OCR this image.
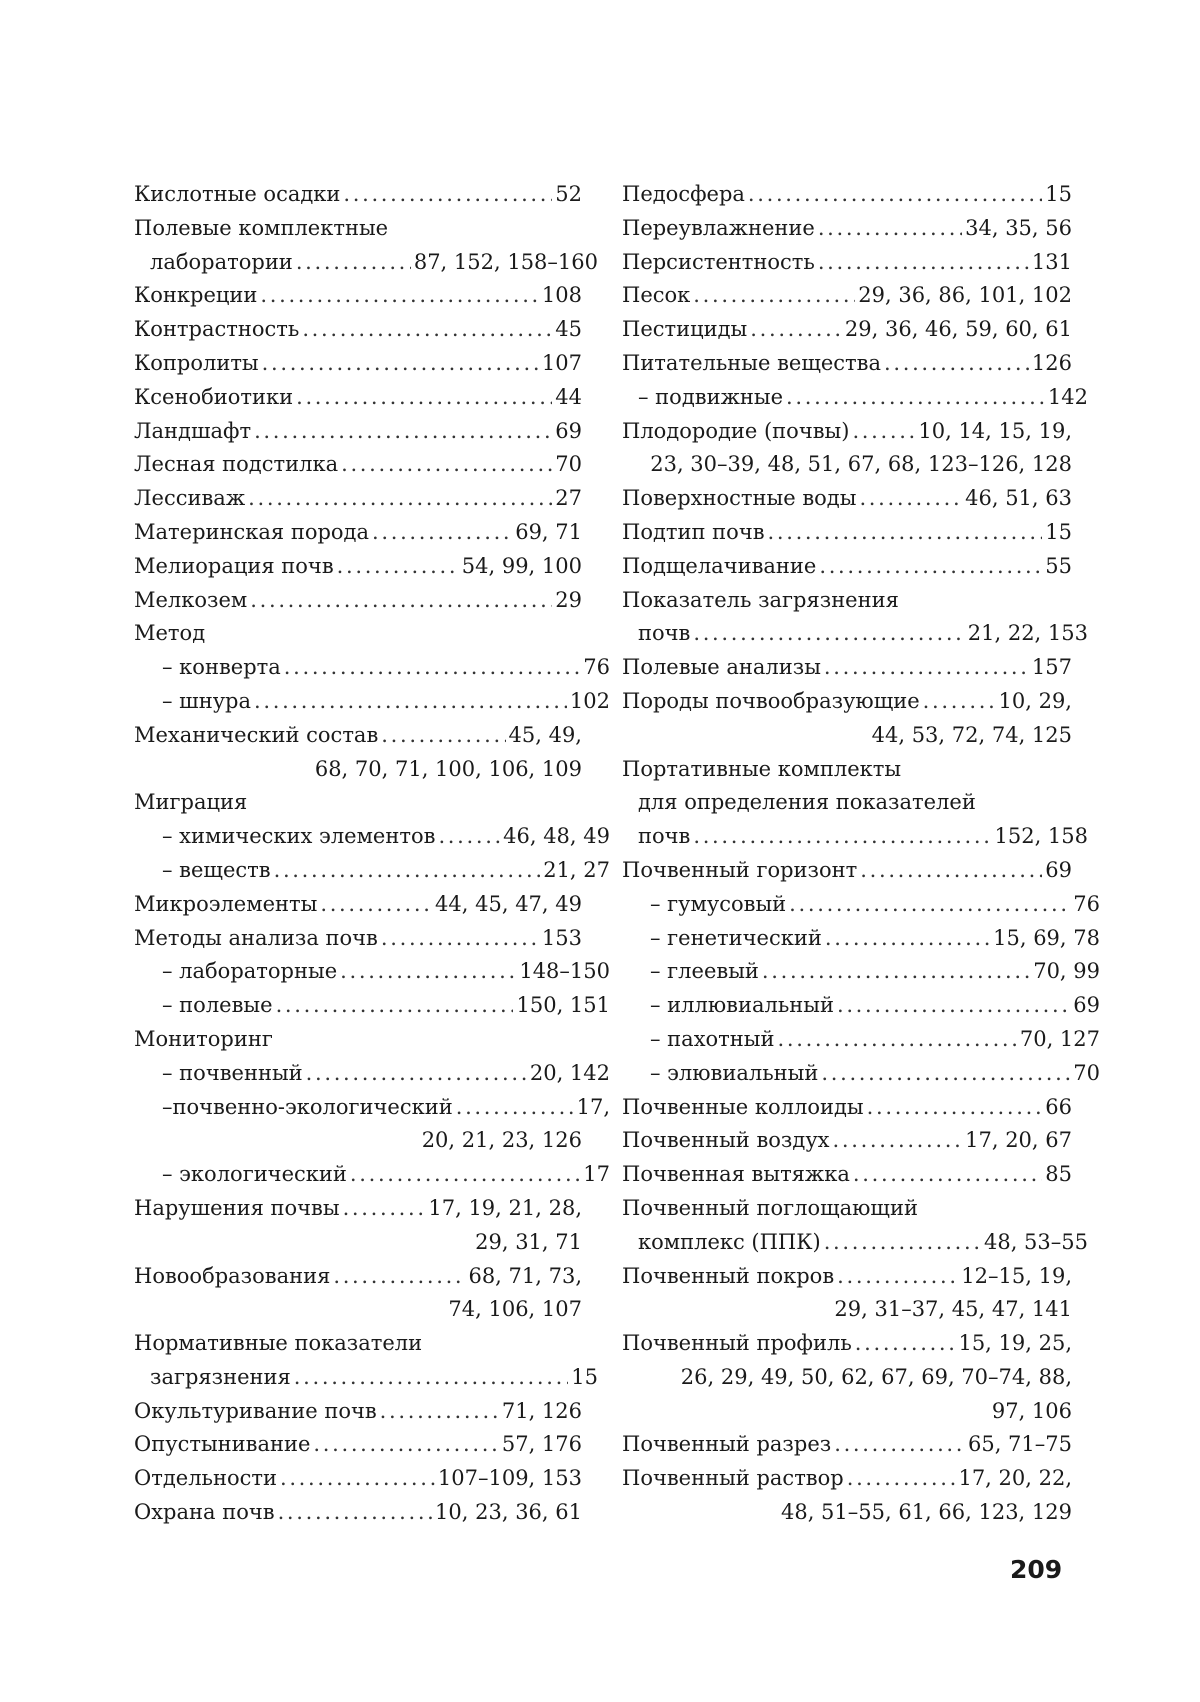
Кислотные осадки . . .	52
Полевые комплектные
лаборатории . . .	87, 152, 158–160
Конкреции . . .	108
Контрастность . . .	45
Копролиты . . .	107
Ксенобиотики . . .	44
Ландшафт . . .	69
Лесная подстилка . . .	70
Лессиваж . . .	27
Материнская порода . . .	69, 71
Мелиорация почв . . .	54, 99, 100
Мелкозем . . .	29
Метод
– конверта . . .	76
– шнура . . .	102
Механический состав . . .	45, 49,
68, 70, 71, 100, 106, 109
Миграция
– химических элементов . . .	46, 48, 49
– веществ . . .	21, 27
Микроэлементы . . .	44, 45, 47, 49
Методы анализа почв . . .	153
– лабораторные . . .	148–150
– полевые . . .	150, 151
Мониторинг
– почвенный . . .	20, 142
–почвенно-экологический . . .	17,
20, 21, 23, 126
– экологический . . .	17
Нарушения почвы . . .	17, 19, 21, 28,
29, 31, 71
Новообразования . . .	68, 71, 73,
74, 106, 107
Нормативные показатели
загрязнения . . .	15
Окультуривание почв . . .	71, 126
Опустынивание . . .	57, 176
Отдельности . . .	107–109, 153
Охрана почв . . .	10, 23, 36, 61
Педосфера . . .	15
Переувлажнение . . .	34, 35, 56
Персистентность . . .	131
Песок . . .	29, 36, 86, 101, 102
Пестициды . . .	29, 36, 46, 59, 60, 61
Питательные вещества . . .	126
– подвижные . . .	142
Плодородие (почвы) . . .	10, 14, 15, 19,
23, 30–39, 48, 51, 67, 68, 123–126, 128
Поверхностные воды . . .	46, 51, 63
Подтип почв . . .	15
Подщелачивание . . .	55
Показатель загрязнения
почв . . .	21, 22, 153
Полевые анализы . . .	157
Породы почвообразующие . . .	10, 29,
44, 53, 72, 74, 125
Портативные комплекты
для определения показателей
почв . . .	152, 158
Почвенный горизонт . . .	69
– гумусовый . . .	76
– генетический . . .	15, 69, 78
– глеевый . . .	70, 99
– иллювиальный . . .	69
– пахотный . . .	70, 127
– элювиальный . . .	70
Почвенные коллоиды . . .	66
Почвенный воздух . . .	17, 20, 67
Почвенная вытяжка . . .	85
Почвенный поглощающий
комплекс (ППК) . . .	48, 53–55
Почвенный покров . . .	12–15, 19,
29, 31–37, 45, 47, 141
Почвенный профиль . . .	15, 19, 25,
26, 29, 49, 50, 62, 67, 69, 70–74, 88,
97, 106
Почвенный разрез . . .	65, 71–75
Почвенный раствор . . .	17, 20, 22,
48, 51–55, 61, 66, 123, 129
209
